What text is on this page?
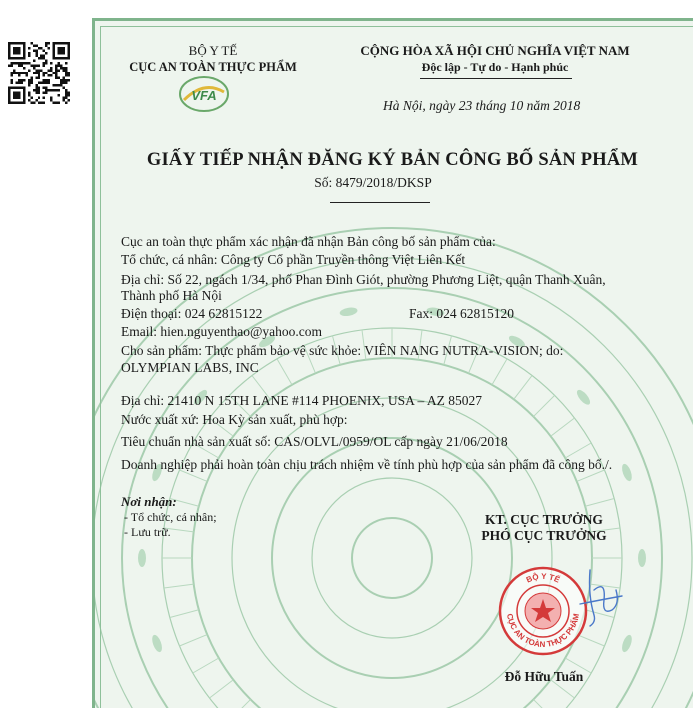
BỘ Y TẾ
CỤC AN TOÀN THỰC PHẨM
VFA
CỘNG HÒA XÃ HỘI CHỦ NGHĨA VIỆT NAM
Độc lập - Tự do - Hạnh phúc
Hà Nội, ngày 23 tháng 10 năm 2018
GIẤY TIẾP NHẬN ĐĂNG KÝ BẢN CÔNG BỐ SẢN PHẨM
Số: 8479/2018/DKSP
Cục an toàn thực phẩm xác nhận đã nhận Bản công bố sản phẩm của:
Tổ chức, cá nhân: Công ty Cổ phần Truyền thông Việt Liên Kết
Địa chỉ: Số 22, ngách 1/34, phố Phan Đình Giót, phường Phương Liệt, quận Thanh Xuân,
Thành phố Hà Nội
Điện thoại: 024 62815122	Fax: 024 62815120
Email: hien.nguyenthao@yahoo.com
Cho sản phẩm: Thực phẩm bảo vệ sức khỏe: VIÊN NANG NUTRA-VISION; do:
OLYMPIAN LABS, INC
Địa chỉ: 21410 N 15TH LANE #114 PHOENIX, USA – AZ 85027
Nước xuất xứ: Hoa Kỳ sản xuất, phù hợp:
Tiêu chuẩn nhà sản xuất số: CAS/OLVL/0959/OL cấp ngày 21/06/2018
Doanh nghiệp phải hoàn toàn chịu trách nhiệm về tính phù hợp của sản phẩm đã công bố./.
Nơi nhận:
- Tổ chức, cá nhân;
- Lưu trữ.
KT. CỤC TRƯỞNG
PHÓ CỤC TRƯỞNG
BỘ Y TẾ
CỤC AN TOÀN THỰC PHẨM
Đỗ Hữu Tuấn
